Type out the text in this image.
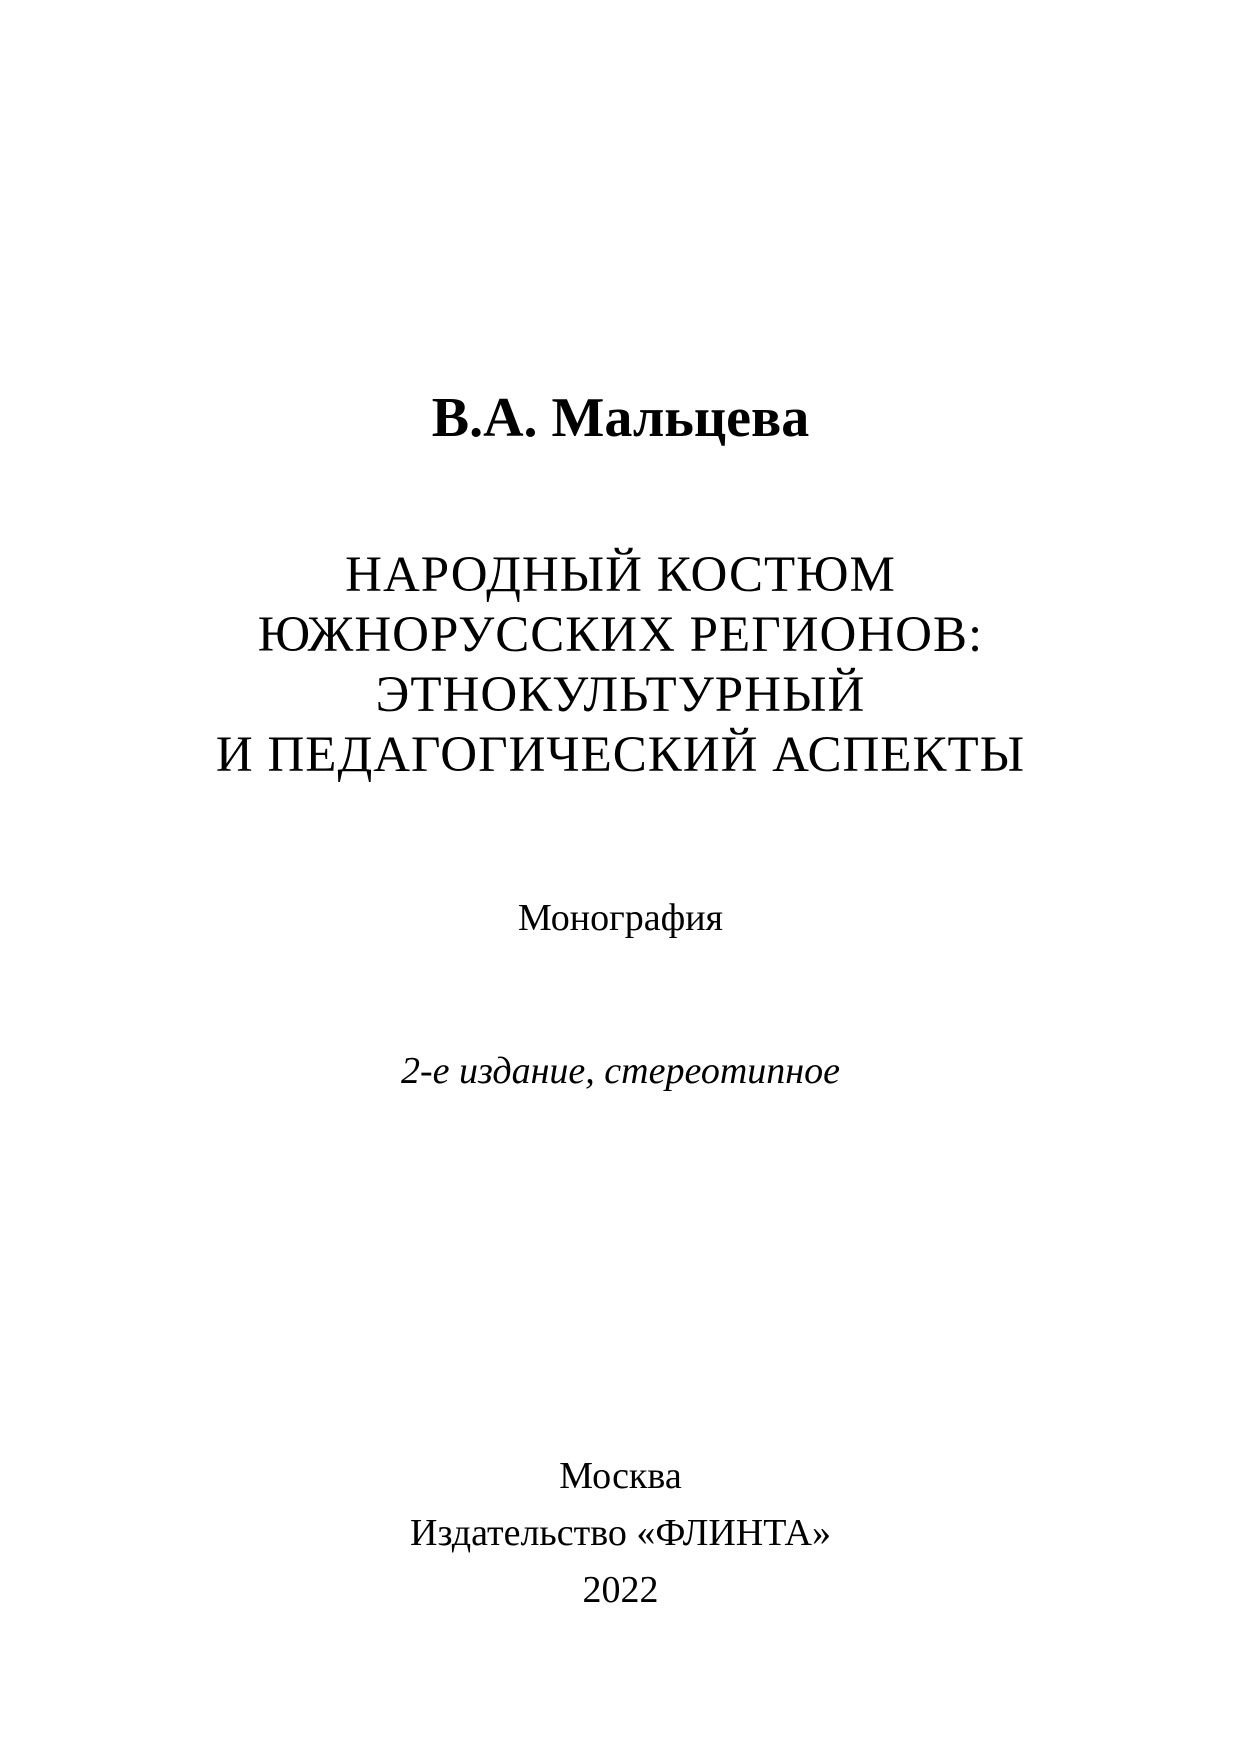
В.А. Мальцева
НАРОДНЫЙ КОСТЮМ
ЮЖНОРУССКИХ РЕГИОНОВ:
ЭТНОКУЛЬТУРНЫЙ
И ПЕДАГОГИЧЕСКИЙ АСПЕКТЫ
Монография
2-е издание, стереотипное
Москва
Издательство «ФЛИНТА»
2022
